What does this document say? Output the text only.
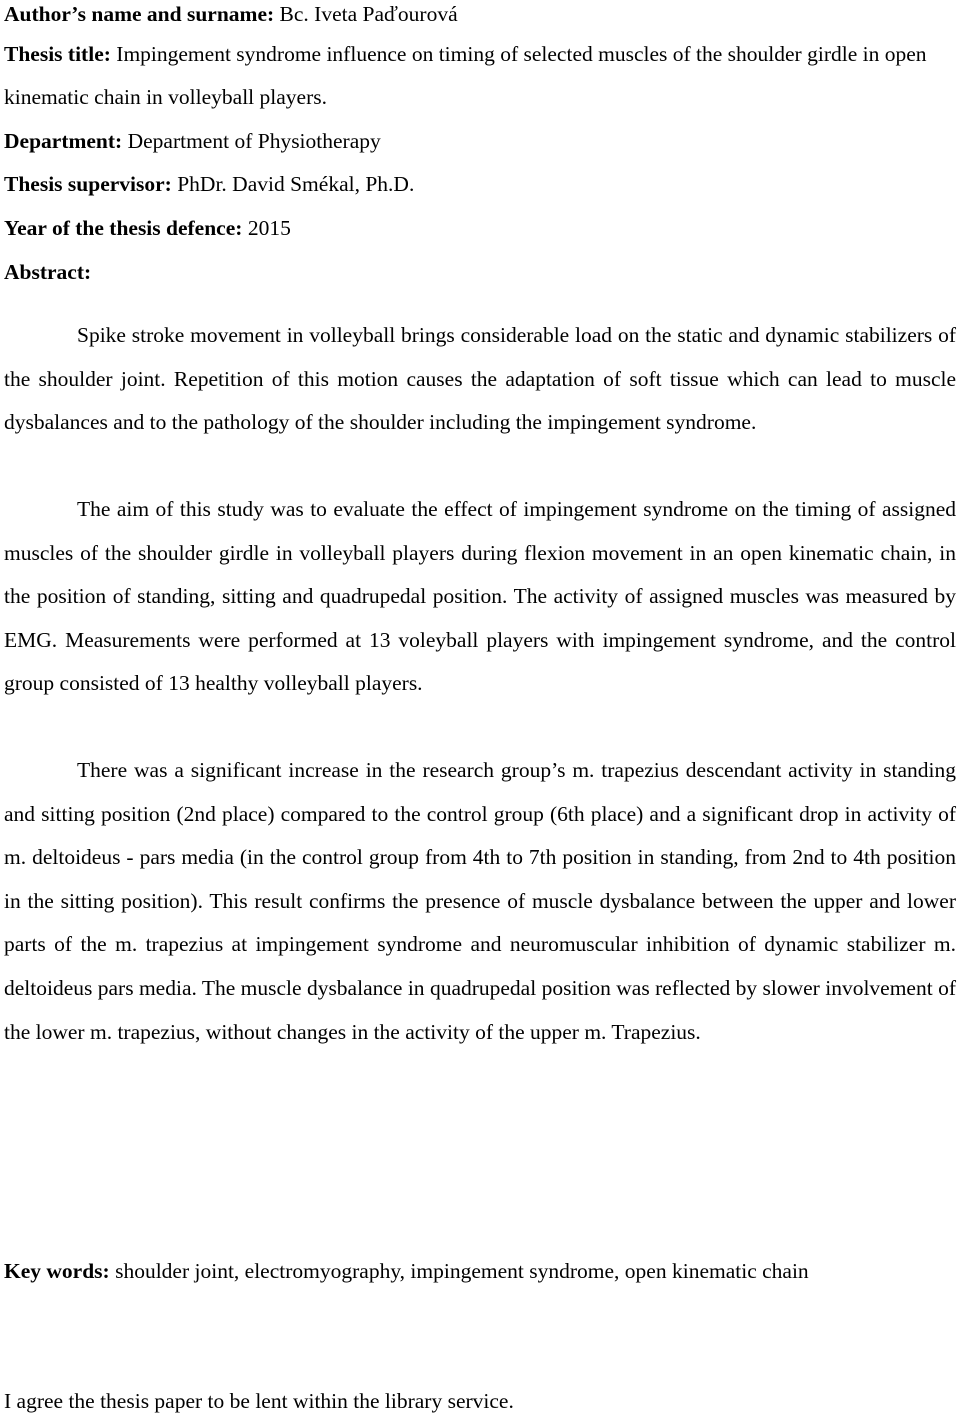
Author’s name and surname: Bc. Iveta Paďourová
Thesis title: Impingement syndrome influence on timing of selected muscles of the shoulder girdle in open kinematic chain in volleyball players.
Department: Department of Physiotherapy
Thesis supervisor: PhDr. David Smékal, Ph.D.
Year of the thesis defence: 2015
Abstract:

Spike stroke movement in volleyball brings considerable load on the static and dynamic stabilizers of the shoulder joint. Repetition of this motion causes the adaptation of soft tissue which can lead to muscle dysbalances and to the pathology of the shoulder including the impingement syndrome.

The aim of this study was to evaluate the effect of impingement syndrome on the timing of assigned muscles of the shoulder girdle in volleyball players during flexion movement in an open kinematic chain, in the position of standing, sitting and quadrupedal position. The activity of assigned muscles was measured by EMG. Measurements were performed at 13 voleyball players with impingement syndrome, and the control group consisted of 13 healthy volleyball players.

There was a significant increase in the research group’s m. trapezius descendant activity in standing and sitting position (2nd place) compared to the control group (6th place) and a significant drop in activity of m. deltoideus - pars media (in the control group from 4th to 7th position in standing, from 2nd to 4th position in the sitting position). This result confirms the presence of muscle dysbalance between the upper and lower parts of the m. trapezius at impingement syndrome and neuromuscular inhibition of dynamic stabilizer m. deltoideus pars media. The muscle dysbalance in quadrupedal position was reflected by slower involvement of the lower m. trapezius, without changes in the activity of the upper m. Trapezius.

Key words: shoulder joint, electromyography, impingement syndrome, open kinematic chain
I agree the thesis paper to be lent within the library service.
